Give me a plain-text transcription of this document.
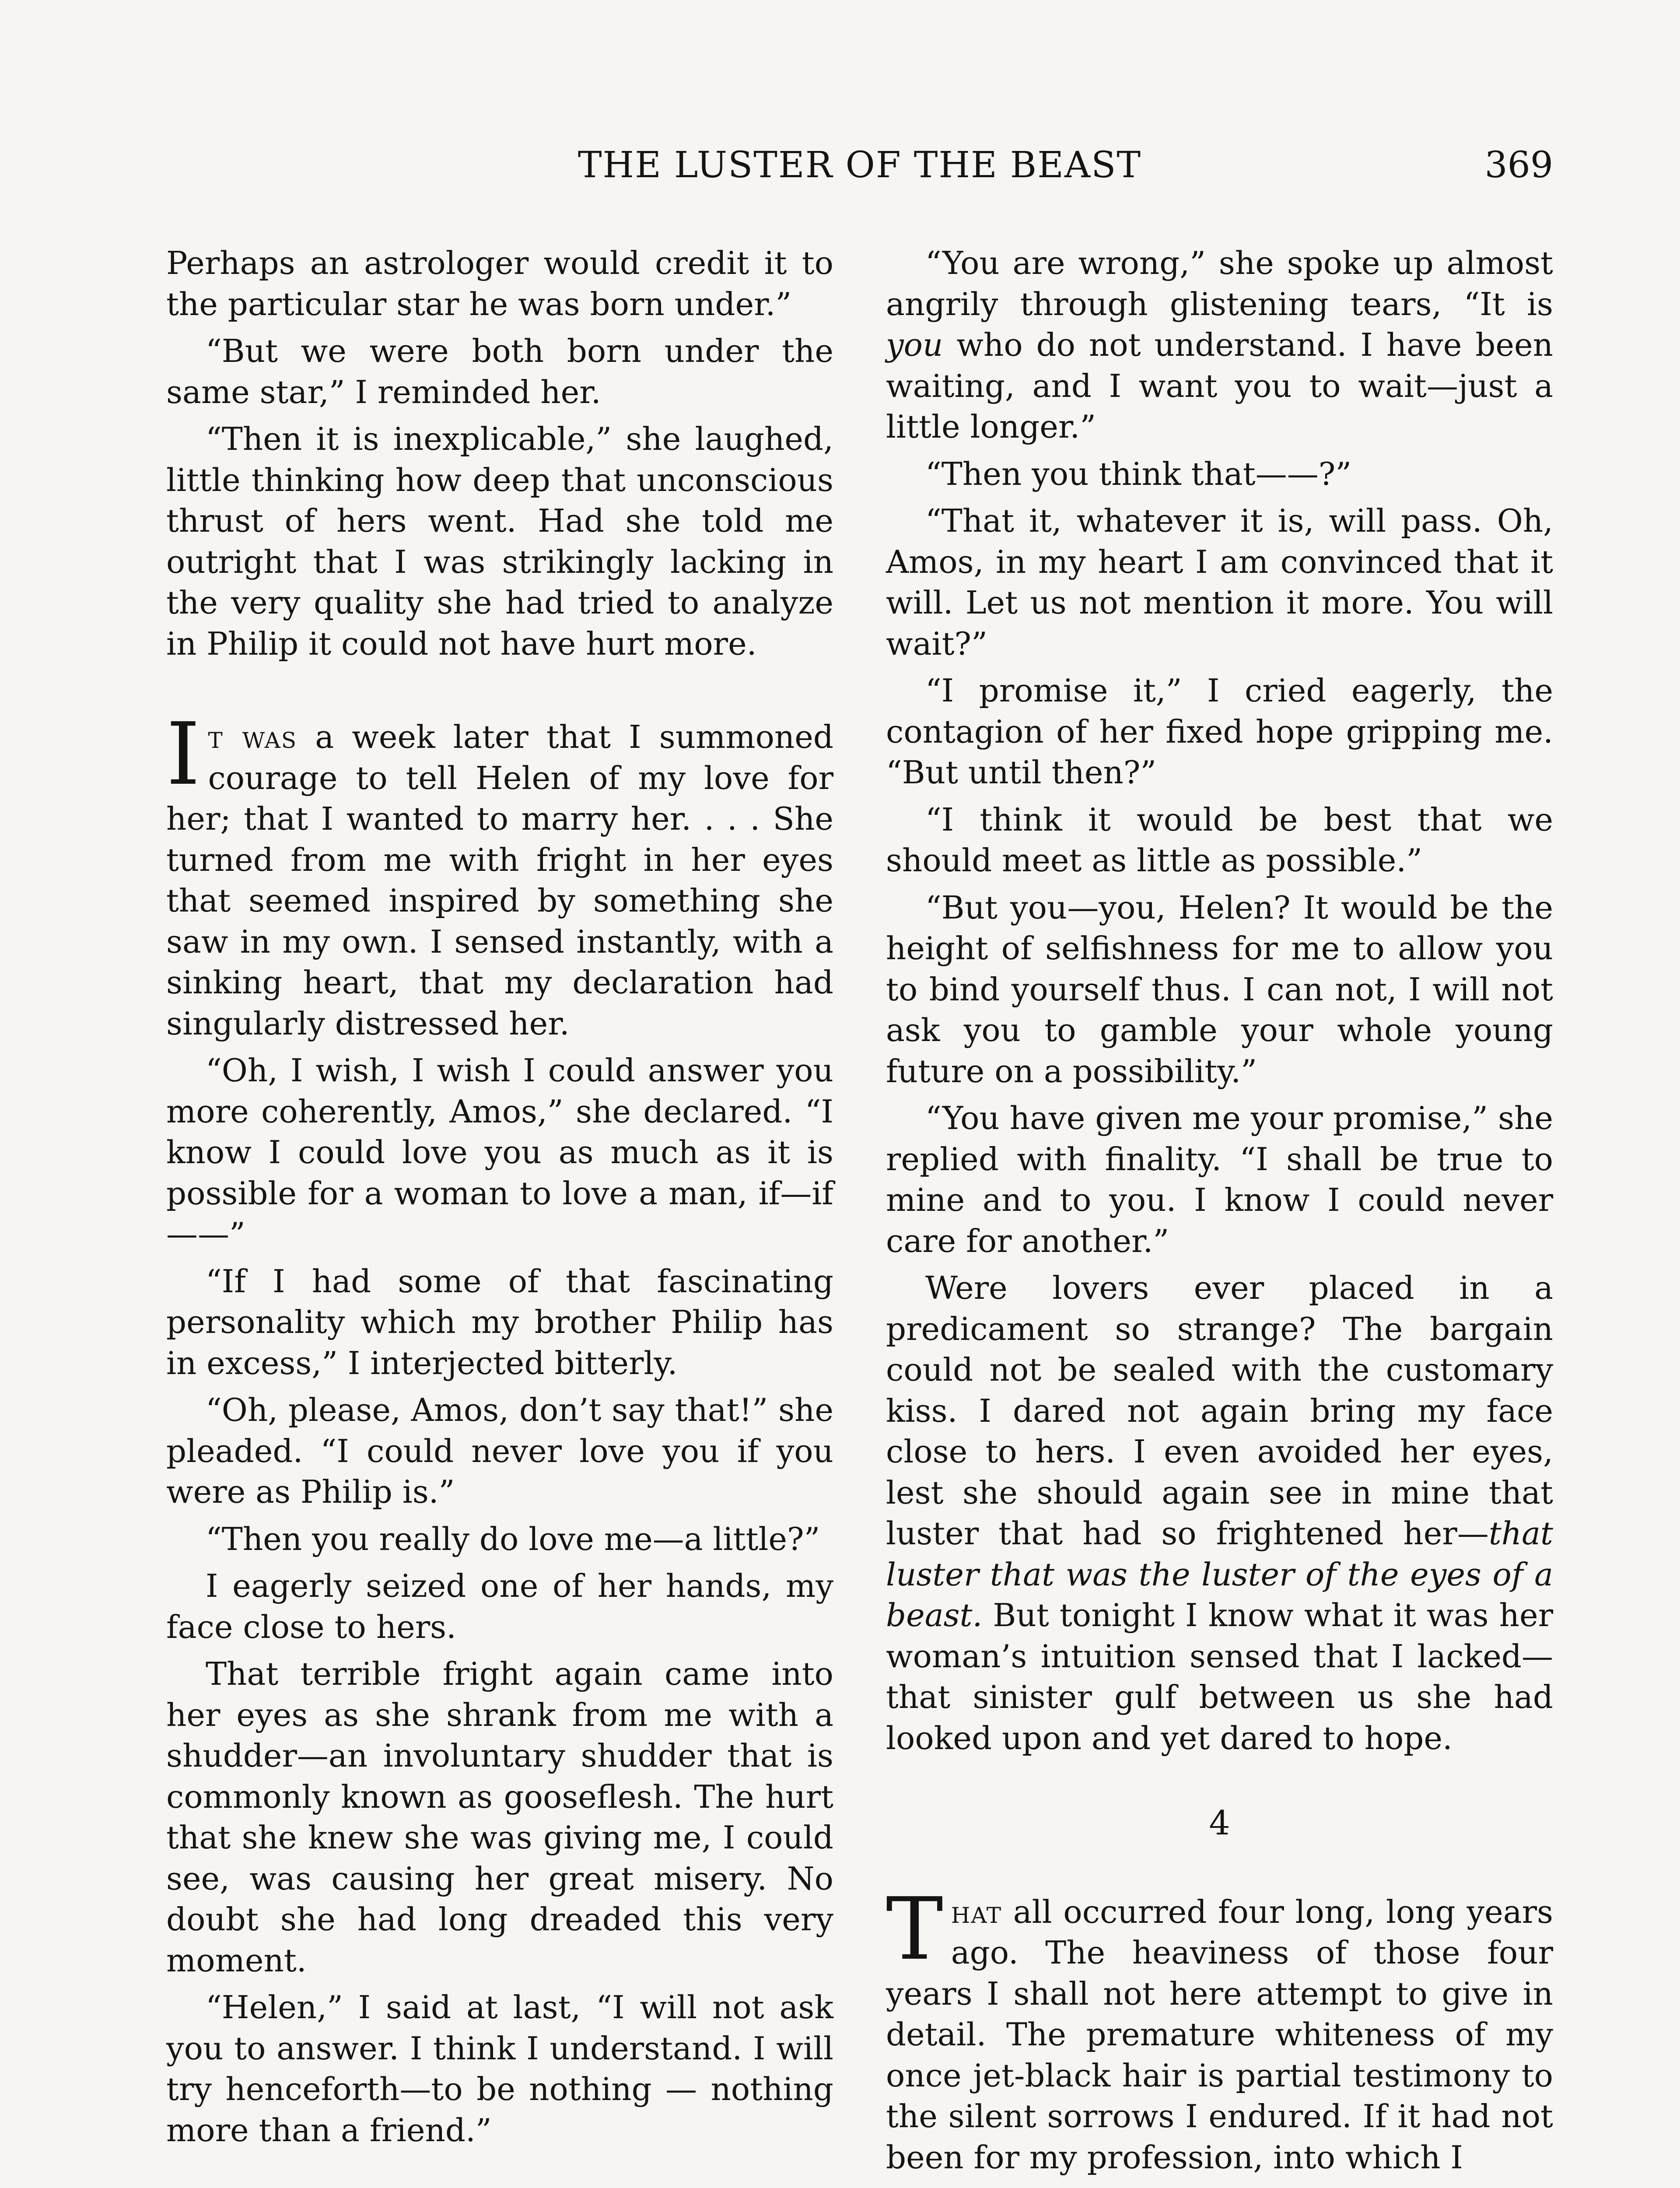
THE LUSTER OF THE BEAST	369

Perhaps an astrologer would credit it to the particular star he was born under.”

“But we were both born under the same star,” I reminded her.

“Then it is inexplicable,” she laughed, little thinking how deep that unconscious thrust of hers went. Had she told me outright that I was strikingly lacking in the very quality she had tried to analyze in Philip it could not have hurt more.

It was a week later that I summoned courage to tell Helen of my love for her; that I wanted to marry her. . . . She turned from me with fright in her eyes that seemed inspired by something she saw in my own. I sensed instantly, with a sinking heart, that my declaration had singularly distressed her.

“Oh, I wish, I wish I could answer you more coherently, Amos,” she declared. “I know I could love you as much as it is possible for a woman to love a man, if—if——”

“If I had some of that fascinating personality which my brother Philip has in excess,” I interjected bitterly.

“Oh, please, Amos, don’t say that!” she pleaded. “I could never love you if you were as Philip is.”

“Then you really do love me—a little?”

I eagerly seized one of her hands, my face close to hers.

That terrible fright again came into her eyes as she shrank from me with a shudder—an involuntary shudder that is commonly known as gooseflesh. The hurt that she knew she was giving me, I could see, was causing her great misery. No doubt she had long dreaded this very moment.

“Helen,” I said at last, “I will not ask you to answer. I think I understand. I will try henceforth—to be nothing — nothing more than a friend.”

“You are wrong,” she spoke up almost angrily through glistening tears, “It is you who do not understand. I have been waiting, and I want you to wait—just a little longer.”

“Then you think that——?”

“That it, whatever it is, will pass. Oh, Amos, in my heart I am convinced that it will. Let us not mention it more. You will wait?”

“I promise it,” I cried eagerly, the contagion of her fixed hope gripping me. “But until then?”

“I think it would be best that we should meet as little as possible.”

“But you—you, Helen? It would be the height of selfishness for me to allow you to bind yourself thus. I can not, I will not ask you to gamble your whole young future on a possibility.”

“You have given me your promise,” she replied with finality. “I shall be true to mine and to you. I know I could never care for another.”

Were lovers ever placed in a predicament so strange? The bargain could not be sealed with the customary kiss. I dared not again bring my face close to hers. I even avoided her eyes, lest she should again see in mine that luster that had so frightened her—that luster that was the luster of the eyes of a beast. But tonight I know what it was her woman’s intuition sensed that I lacked—that sinister gulf between us she had looked upon and yet dared to hope.

4

That all occurred four long, long years ago. The heaviness of those four years I shall not here attempt to give in detail. The premature whiteness of my once jet-black hair is partial testimony to the silent sorrows I endured. If it had not been for my profession, into which I
